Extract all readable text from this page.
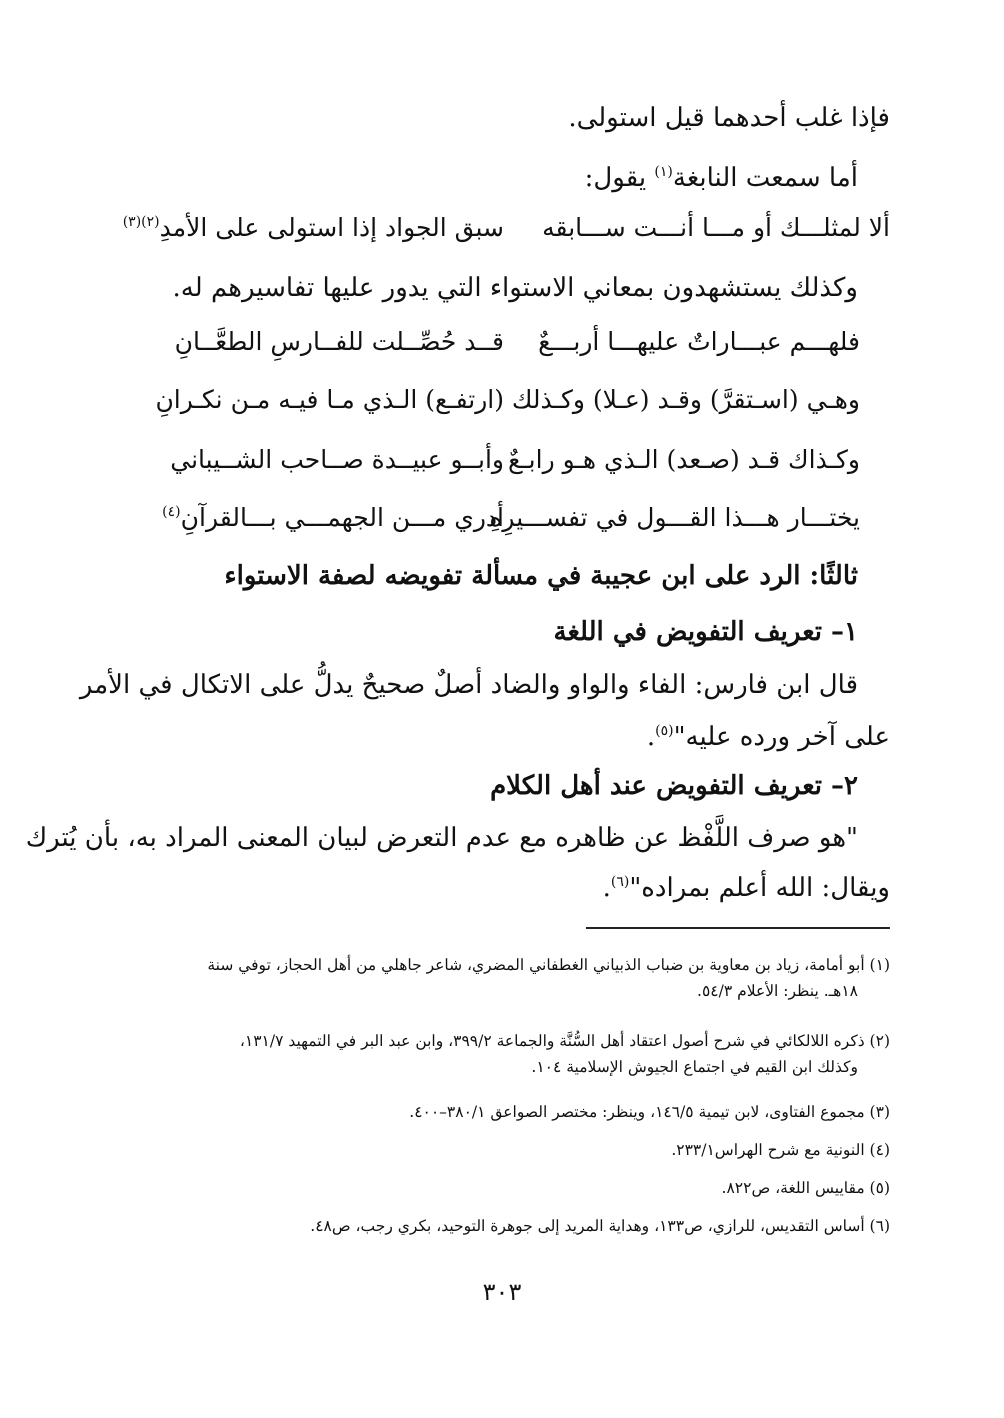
فإذا غلب أحدهما قيل استولى.
أما سمعت النابغة$^{(١)}$ يقول:
ألا لمثلـــك أو مـــا أنـــت ســـابقه
سبق الجواد إذا استولى على الأمدِ$^{(٢)(٣)}$
وكذلك يستشهدون بمعاني الاستواء التي يدور عليها تفاسيرهم له.
فلهـــم عبـــاراتٌ عليهـــا أربـــعٌ
قــد حُصِّــلت للفــارسِ الطعَّــانِ
وهـي (اسـتقرَّ) وقـد (عـلا) وكـذلك
(ارتفـع) الـذي مـا فيـه مـن نكـرانِ
وكـذاك قـد (صـعد) الـذي هـو رابـعٌ
وأبــو عبيــدة صــاحب الشــيباني
يختـــار هـــذا القـــول في تفســـيرِهِ
أدري مـــن الجهمـــي بـــالقرآنِ$^{(٤)}$
ثالثًا: الرد على ابن عجيبة في مسألة تفويضه لصفة الاستواء
١– تعريف التفويض في اللغة
قال ابن فارس: الفاء والواو والضاد أصلٌ صحيحٌ يدلُّ على الاتكال في الأمر
على آخر ورده عليه"$^{(٥)}$.
٢– تعريف التفويض عند أهل الكلام
"هو صرف اللَّفْظ عن ظاهره مع عدم التعرض لبيان المعنى المراد به، بأن يُترك
ويقال: الله أعلم بمراده"$^{(٦)}$.
(١) أبو أمامة، زياد بن معاوية بن ضباب الذبياني الغطفاني المضري، شاعر جاهلي من أهل الحجاز، توفي سنة
١٨هـ. ينظر: الأعلام ٥٤/٣.
(٢) ذكره اللالكائي في شرح أصول اعتقاد أهل السُّنَّة والجماعة ٣٩٩/٢، وابن عبد البر في التمهيد ١٣١/٧،
وكذلك ابن القيم في اجتماع الجيوش الإسلامية ١٠٤.
(٣) مجموع الفتاوى، لابن تيمية ١٤٦/٥، وينظر: مختصر الصواعق ٣٨٠/١–٤٠٠.
(٤) النونية مع شرح الهراس٢٣٣/١.
(٥) مقاييس اللغة، ص٨٢٢.
(٦) أساس التقديس، للرازي، ص١٣٣، وهداية المريد إلى جوهرة التوحيد، بكري رجب، ص٤٨.
٣٠٣
